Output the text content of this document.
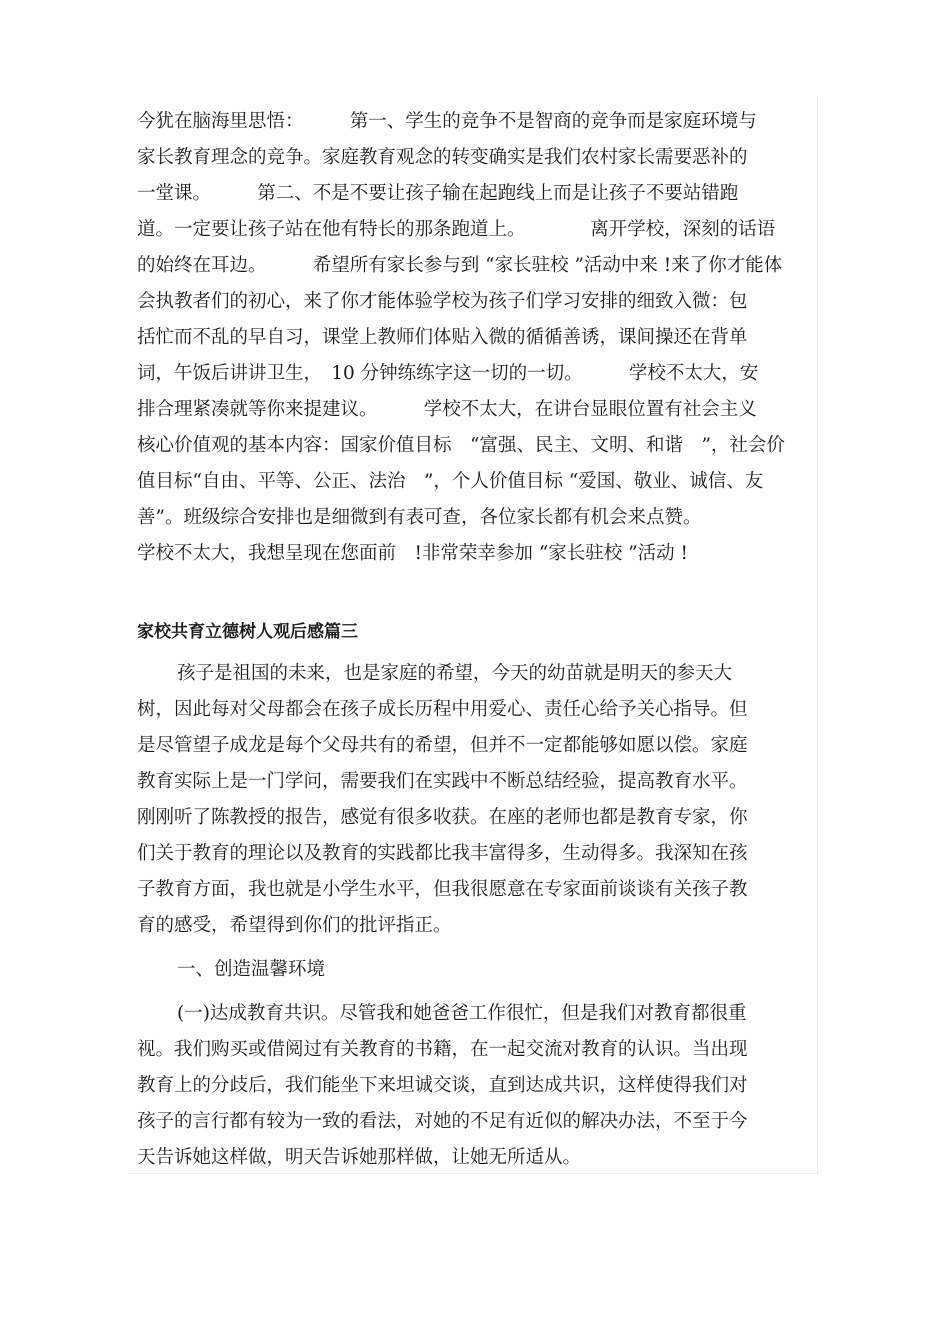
今犹在脑海里思悟：　　　第一、学生的竞争不是智商的竞争而是家庭环境与
家长教育理念的竞争。家庭教育观念的转变确实是我们农村家长需要恶补的
一堂课。　　　第二、不是不要让孩子输在起跑线上而是让孩子不要站错跑
道。一定要让孩子站在他有特长的那条跑道上。　　　　离开学校，深刻的话语
的始终在耳边。　　　希望所有家长参与到 “家长驻校 ”活动中来 !来了你才能体
会执教者们的初心，来了你才能体验学校为孩子们学习安排的细致入微：包
括忙而不乱的早自习，课堂上教师们体贴入微的循循善诱，课间操还在背单
词，午饭后讲讲卫生，　10 分钟练练字这一切的一切。　　　学校不太大，安
排合理紧凑就等你来提建议。　　　学校不太大，在讲台显眼位置有社会主义
核心价值观的基本内容：国家价值目标　“富强、民主、文明、和谐　”，社会价
值目标“自由、平等、公正、法治　”，个人价值目标 “爱国、敬业、诚信、友
善”。班级综合安排也是细微到有表可查，各位家长都有机会来点赞。
学校不太大，我想呈现在您面前　!非常荣幸参加 “家长驻校 ”活动 !
家校共育立德树人观后感篇三
孩子是祖国的未来，也是家庭的希望，今天的幼苗就是明天的参天大
树，因此每对父母都会在孩子成长历程中用爱心、责任心给予关心指导。但
是尽管望子成龙是每个父母共有的希望，但并不一定都能够如愿以偿。家庭
教育实际上是一门学问，需要我们在实践中不断总结经验，提高教育水平。
刚刚听了陈教授的报告，感觉有很多收获。在座的老师也都是教育专家，你
们关于教育的理论以及教育的实践都比我丰富得多，生动得多。我深知在孩
子教育方面，我也就是小学生水平，但我很愿意在专家面前谈谈有关孩子教
育的感受，希望得到你们的批评指正。
一、创造温馨环境
(一)达成教育共识。尽管我和她爸爸工作很忙，但是我们对教育都很重
视。我们购买或借阅过有关教育的书籍，在一起交流对教育的认识。当出现
教育上的分歧后，我们能坐下来坦诚交谈，直到达成共识，这样使得我们对
孩子的言行都有较为一致的看法，对她的不足有近似的解决办法，不至于今
天告诉她这样做，明天告诉她那样做，让她无所适从。
